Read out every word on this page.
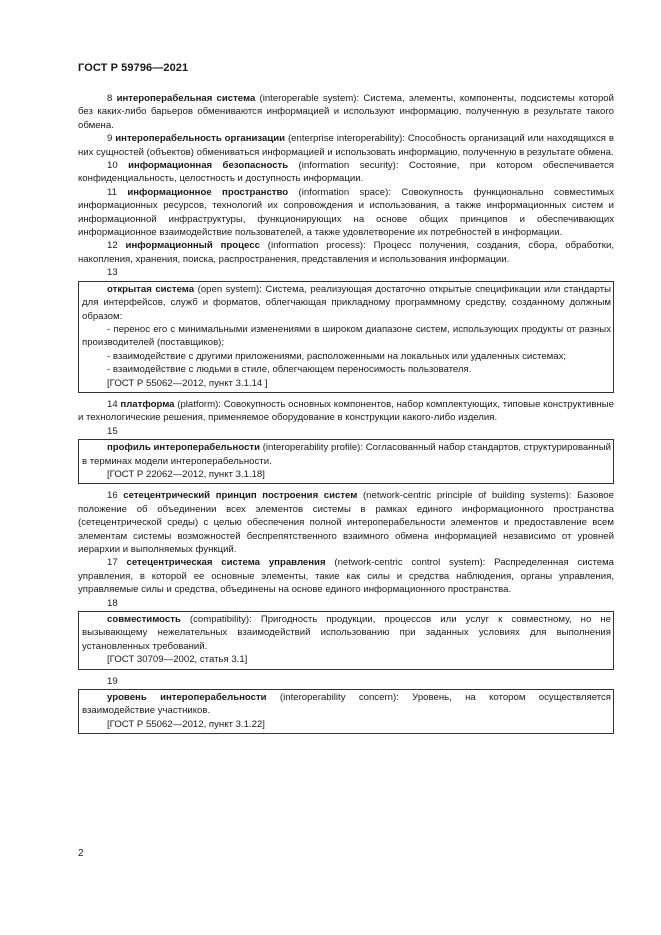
ГОСТ Р 59796—2021

8 интероперабельная система (interoperable system): Система, элементы, компоненты, подсистемы которой без каких-либо барьеров обмениваются информацией и используют информацию, полученную в результате такого обмена.

9 интероперабельность организации (enterprise interoperability): Способность организаций или находящихся в них сущностей (объектов) обмениваться информацией и использовать информацию, полученную в результате обмена.

10 информационная безопасность (information security): Состояние, при котором обеспечивается конфиденциальность, целостность и доступность информации.

11 информационное пространство (information space): Совокупность функционально совместимых информационных ресурсов, технологий их сопровождения и использования, а также информационных систем и информационной инфраструктуры, функционирующих на основе общих принципов и обеспечивающих информационное взаимодействие пользователей, а также удовлетворение их потребностей в информации.

12 информационный процесс (information process): Процесс получения, создания, сбора, обработки, накопления, хранения, поиска, распространения, представления и использования информации.

13

открытая система (open system): Система, реализующая достаточно открытые спецификации или стандарты для интерфейсов, служб и форматов, облегчающая прикладному программному средству, созданному должным образом:

- перенос его с минимальными изменениями в широком диапазоне систем, использующих продукты от разных производителей (поставщиков);

- взаимодействие с другими приложениями, расположенными на локальных или удаленных системах;

- взаимодействие с людьми в стиле, облегчающем переносимость пользователя.

[ГОСТ Р 55062—2012, пункт 3.1.14 ]

14 платформа (platform): Совокупность основных компонентов, набор комплектующих, типовые конструктивные и технологические решения, применяемое оборудование в конструкции какого-либо изделия.

15

профиль интероперабельности (interoperability profile): Согласованный набор стандартов, структурированный в терминах модели интероперабельности.

[ГОСТ Р 22062—2012, пункт 3.1.18]

16 сетецентрический принцип построения систем (network-centric principle of building systems): Базовое положение об объединении всех элементов системы в рамках единого информационного пространства (сетецентрической среды) с целью обеспечения полной интероперабельности элементов и предоставление всем элементам системы возможностей беспрепятственного взаимного обмена информацией независимо от уровней иерархии и выполняемых функций.

17 сетецентрическая система управления (network-centric control system): Распределенная система управления, в которой ее основные элементы, такие как силы и средства наблюдения, органы управления, управляемые силы и средства, объединены на основе единого информационного пространства.

18

совместимость (compatibility): Пригодность продукции, процессов или услуг к совместному, но не вызывающему нежелательных взаимодействий использованию при заданных условиях для выполнения установленных требований.

[ГОСТ 30709—2002, статья 3.1]

19

уровень интероперабельности (interoperability concern): Уровень, на котором осуществляется взаимодействие участников.

[ГОСТ Р 55062—2012, пункт 3.1.22]

2
